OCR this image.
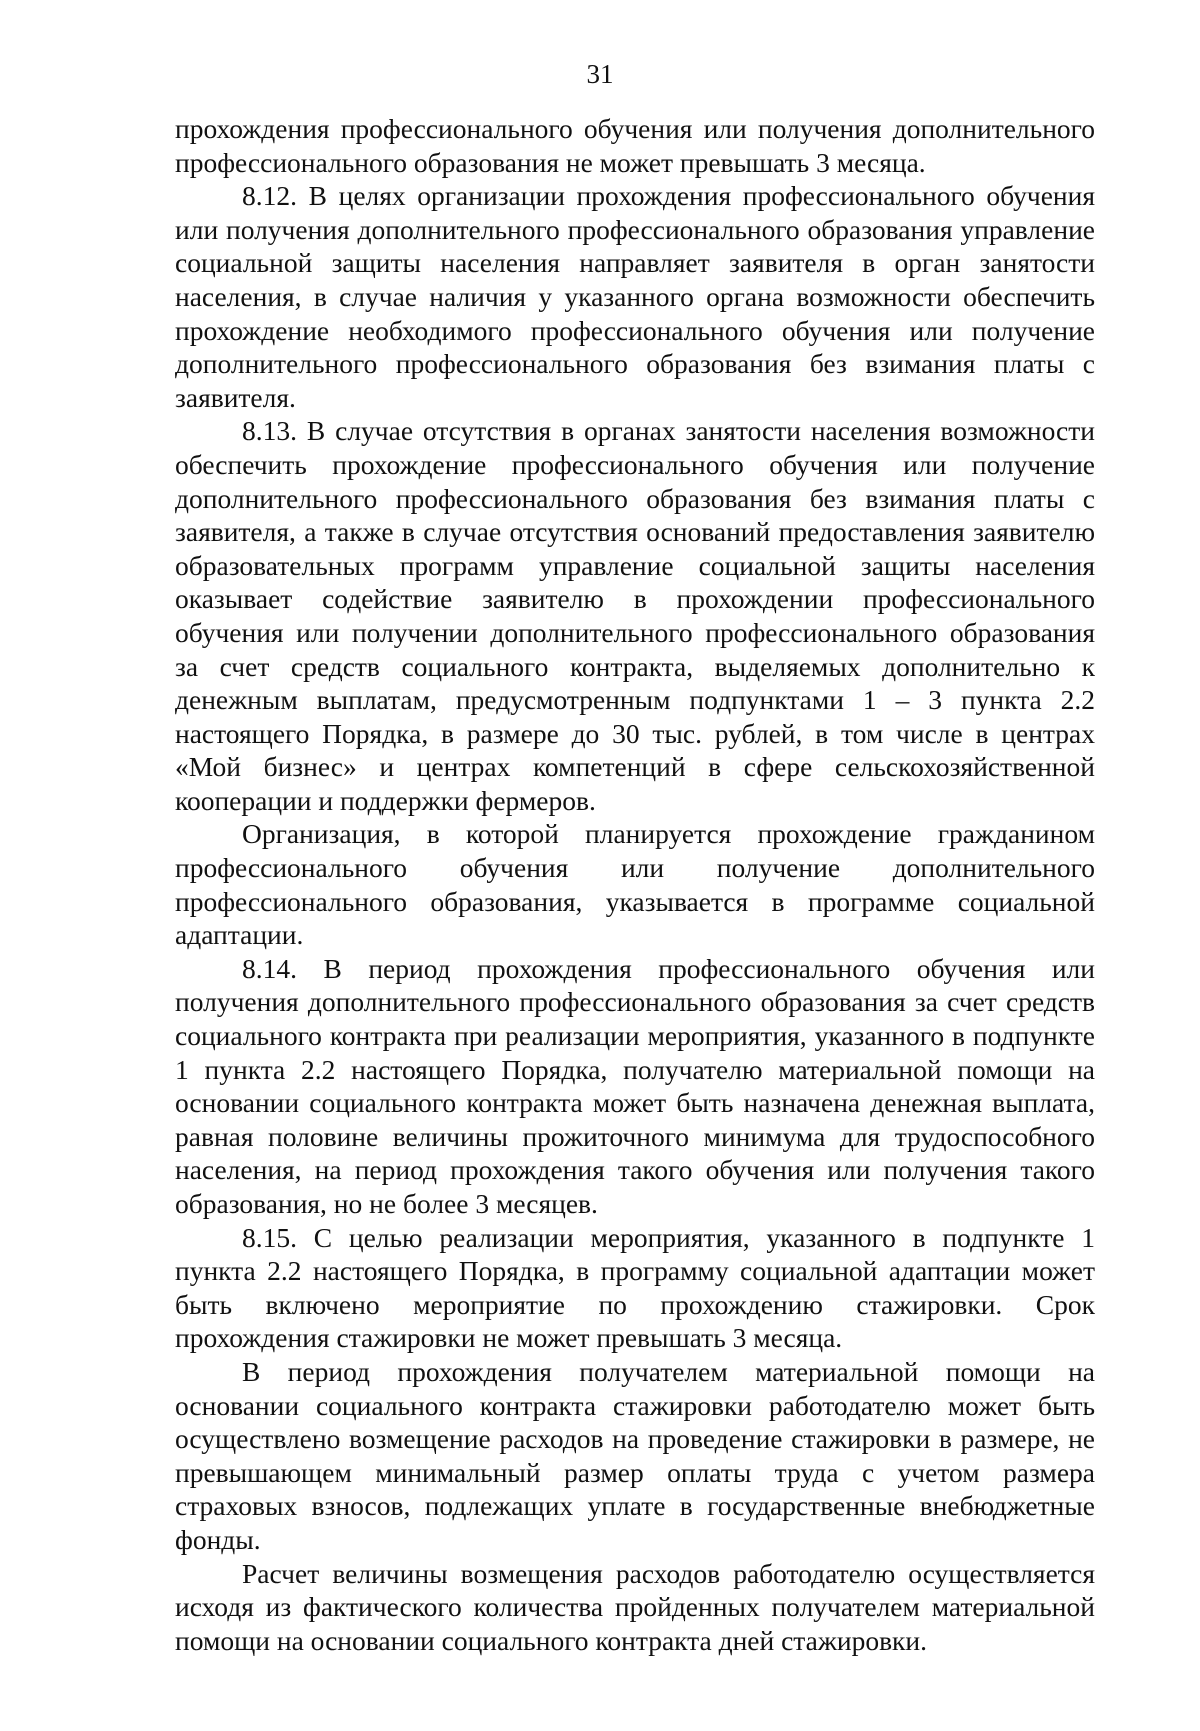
31

прохождения профессионального обучения или получения дополнительного профессионального образования не может превышать 3 месяца.

8.12. В целях организации прохождения профессионального обучения или получения дополнительного профессионального образования управление социальной защиты населения направляет заявителя в орган занятости населения, в случае наличия у указанного органа возможности обеспечить прохождение необходимого профессионального обучения или получение дополнительного профессионального образования без взимания платы с заявителя.

8.13. В случае отсутствия в органах занятости населения возможности обеспечить прохождение профессионального обучения или получение дополнительного профессионального образования без взимания платы с заявителя, а также в случае отсутствия оснований предоставления заявителю образовательных программ управление социальной защиты населения оказывает содействие заявителю в прохождении профессионального обучения или получении дополнительного профессионального образования за счет средств социального контракта, выделяемых дополнительно к денежным выплатам, предусмотренным подпунктами 1 – 3 пункта 2.2 настоящего Порядка, в размере до 30 тыс. рублей, в том числе в центрах «Мой бизнес» и центрах компетенций в сфере сельскохозяйственной кооперации и поддержки фермеров.

Организация, в которой планируется прохождение гражданином профессионального обучения или получение дополнительного профессионального образования, указывается в программе социальной адаптации.

8.14. В период прохождения профессионального обучения или получения дополнительного профессионального образования за счет средств социального контракта при реализации мероприятия, указанного в подпункте 1 пункта 2.2 настоящего Порядка, получателю материальной помощи на основании социального контракта может быть назначена денежная выплата, равная половине величины прожиточного минимума для трудоспособного населения, на период прохождения такого обучения или получения такого образования, но не более 3 месяцев.

8.15. С целью реализации мероприятия, указанного в подпункте 1 пункта 2.2 настоящего Порядка, в программу социальной адаптации может быть включено мероприятие по прохождению стажировки. Срок прохождения стажировки не может превышать 3 месяца.

В период прохождения получателем материальной помощи на основании социального контракта стажировки работодателю может быть осуществлено возмещение расходов на проведение стажировки в размере, не превышающем минимальный размер оплаты труда с учетом размера страховых взносов, подлежащих уплате в государственные внебюджетные фонды.

Расчет величины возмещения расходов работодателю осуществляется исходя из фактического количества пройденных получателем материальной помощи на основании социального контракта дней стажировки.
